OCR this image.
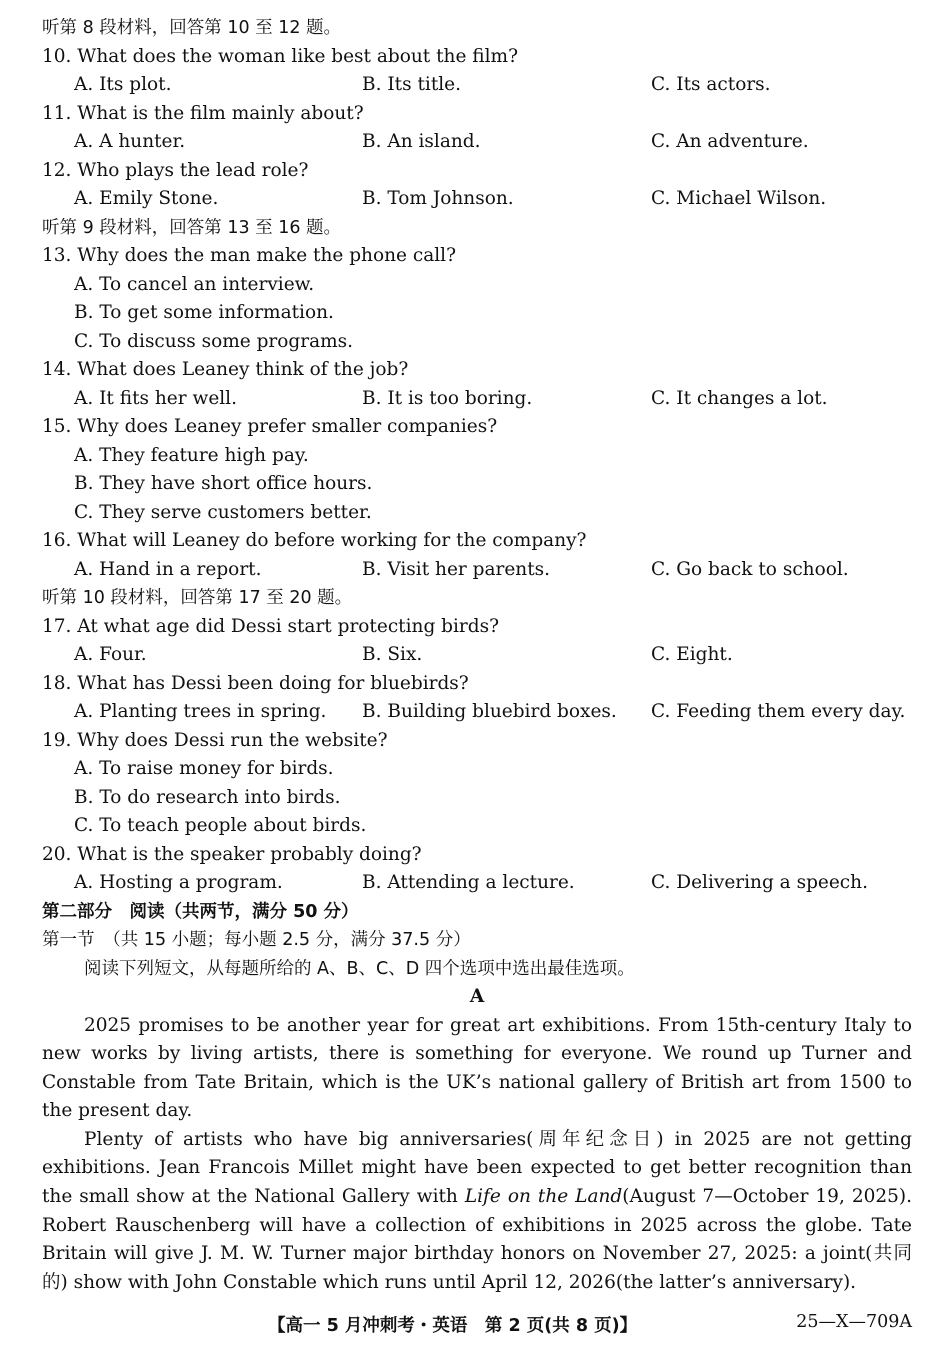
听第 8 段材料，回答第 10 至 12 题。
10. What does the woman like best about the film?
A. Its plot.	B. Its title.	C. Its actors.
11. What is the film mainly about?
A. A hunter.	B. An island.	C. An adventure.
12. Who plays the lead role?
A. Emily Stone.	B. Tom Johnson.	C. Michael Wilson.
听第 9 段材料，回答第 13 至 16 题。
13. Why does the man make the phone call?
A. To cancel an interview.
B. To get some information.
C. To discuss some programs.
14. What does Leaney think of the job?
A. It fits her well.	B. It is too boring.	C. It changes a lot.
15. Why does Leaney prefer smaller companies?
A. They feature high pay.
B. They have short office hours.
C. They serve customers better.
16. What will Leaney do before working for the company?
A. Hand in a report.	B. Visit her parents.	C. Go back to school.
听第 10 段材料，回答第 17 至 20 题。
17. At what age did Dessi start protecting birds?
A. Four.	B. Six.	C. Eight.
18. What has Dessi been doing for bluebirds?
A. Planting trees in spring. B. Building bluebird boxes. C. Feeding them every day.
19. Why does Dessi run the website?
A. To raise money for birds.
B. To do research into birds.
C. To teach people about birds.
20. What is the speaker probably doing?
A. Hosting a program.	B. Attending a lecture.	C. Delivering a speech.
第二部分　阅读（共两节，满分 50 分）
第一节　（共 15 小题；每小题 2.5 分，满分 37.5 分）
阅读下列短文，从每题所给的 A、B、C、D 四个选项中选出最佳选项。
A

2025 promises to be another year for great art exhibitions. From 15th-century Italy to new works by living artists, there is something for everyone. We round up Turner and Constable from Tate Britain, which is the UK’s national gallery of British art from 1500 to the present day.

Plenty of artists who have big anniversaries(周年纪念日) in 2025 are not getting exhibitions. Jean Francois Millet might have been expected to get better recognition than the small show at the National Gallery with Life on the Land(August 7—October 19, 2025). Robert Rauschenberg will have a collection of exhibitions in 2025 across the globe. Tate Britain will give J. M. W. Turner major birthday honors on November 27, 2025: a joint(共同的) show with John Constable which runs until April 12, 2026(the latter’s anniversary).

【高一 5 月冲刺考・英语　第 2 页(共 8 页)】	25—X—709A
